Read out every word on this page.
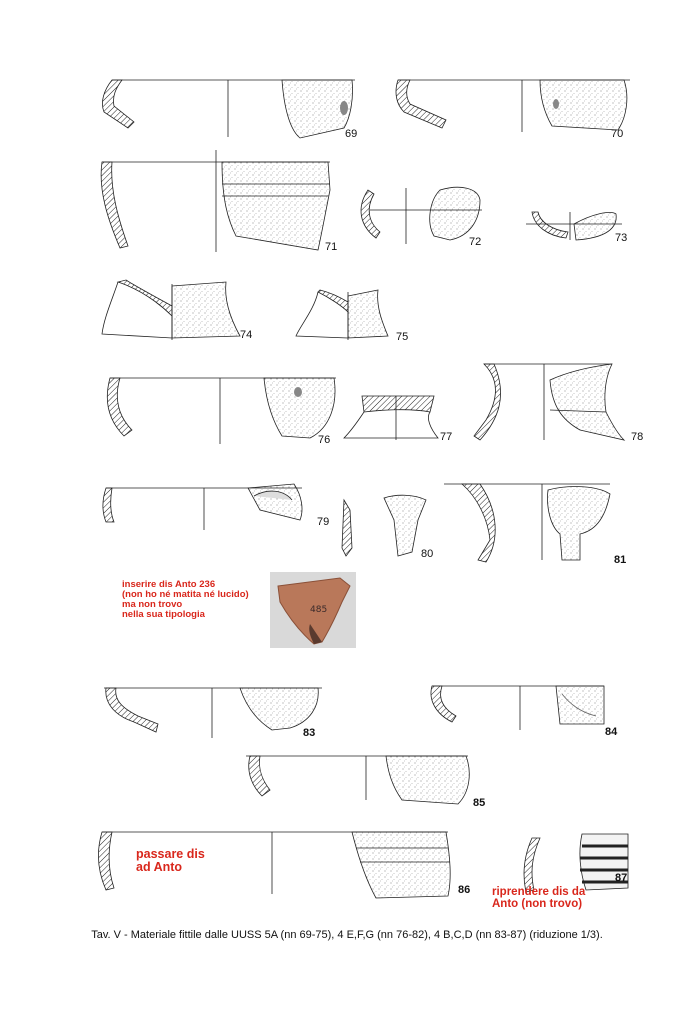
69	70
71	72	73
74	75
76	77	78
79
80	81
83	84
85
86
87
inserire dis Anto 236
(non ho né matita né lucido)
ma non trovo
nella sua tipologia	485
passare dis
ad Anto
riprendere dis da
Anto (non trovo)
Tav. V - Materiale fittile dalle UUSS 5A (nn 69-75), 4 E,F,G (nn 76-82), 4 B,C,D (nn 83-87) (riduzione 1/3).
